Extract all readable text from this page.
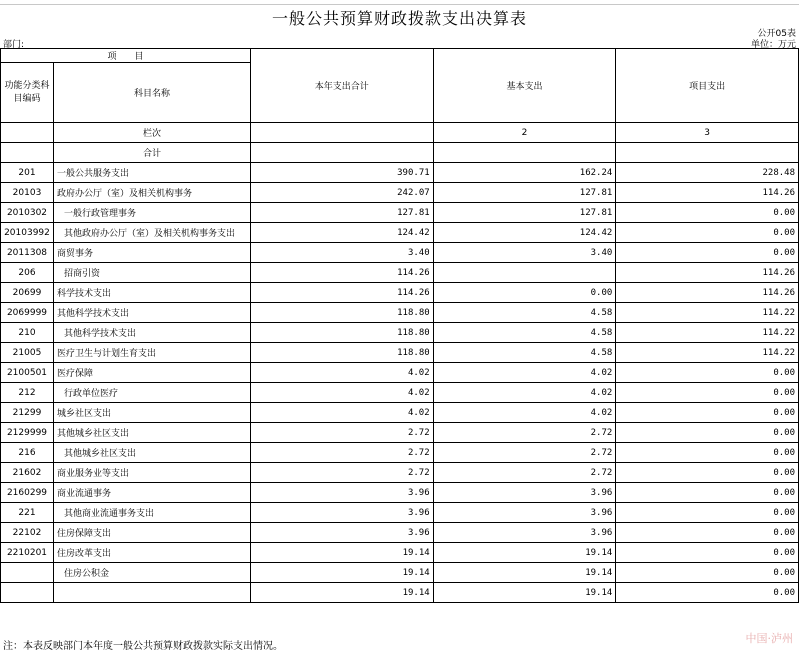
一般公共预算财政拨款支出决算表
公开05表
部门:	单位：万元
项　　目		本年支出合计	基本支出	项目支出
功能分类科目编码	科目名称			

	栏次		2	3
	合计			
201	一般公共服务支出	390.71	162.24	228.48
20103	政府办公厅（室）及相关机构事务	242.07	127.81	114.26
2010302	一般行政管理事务	127.81	127.81	0.00
20103992	其他政府办公厅（室）及相关机构事务支出	124.42	124.42	0.00
2011308	商贸事务	3.40	3.40	0.00
206	招商引资	114.26		114.26
20699	科学技术支出	114.26	0.00	114.26
2069999	其他科学技术支出	118.80	4.58	114.22
210	其他科学技术支出	118.80	4.58	114.22
21005	医疗卫生与计划生育支出	118.80	4.58	114.22
2100501	医疗保障	4.02	4.02	0.00
212	行政单位医疗	4.02	4.02	0.00
21299	城乡社区支出	4.02	4.02	0.00
2129999	其他城乡社区支出	2.72	2.72	0.00
216	其他城乡社区支出	2.72	2.72	0.00
21602	商业服务业等支出	2.72	2.72	0.00
2160299	商业流通事务	3.96	3.96	0.00
221	其他商业流通事务支出	3.96	3.96	0.00
22102	住房保障支出	3.96	3.96	0.00
2210201	住房改革支出	19.14	19.14	0.00
	住房公积金	19.14	19.14	0.00
		19.14	19.14	0.00
注：本表反映部门本年度一般公共预算财政拨款实际支出情况。
中国·泸州
